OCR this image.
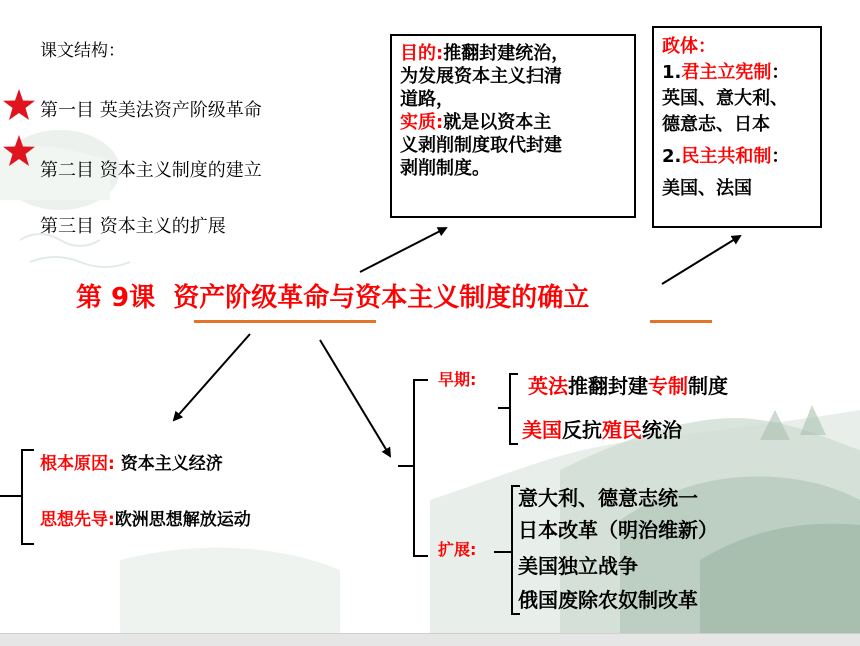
课文结构：
第一目 英美法资产阶级革命
第二目 资本主义制度的建立
第三目 资本主义的扩展
目的:推翻封建统治，
为发展资本主义扫清
道路，
实质:就是以资本主
义剥削制度取代封建
剥削制度。
政体：
1.君主立宪制：
英国、意大利、
德意志、日本
2.民主共和制：
美国、法国
第 9课 资产阶级革命与资本主义制度的确立
根本原因: 资本主义经济
思想先导:欧洲思想解放运动
早期:	英法推翻封建专制制度
美国反抗殖民统治
扩展:
意大利、德意志统一
日本改革（明治维新）
美国独立战争
俄国废除农奴制改革
